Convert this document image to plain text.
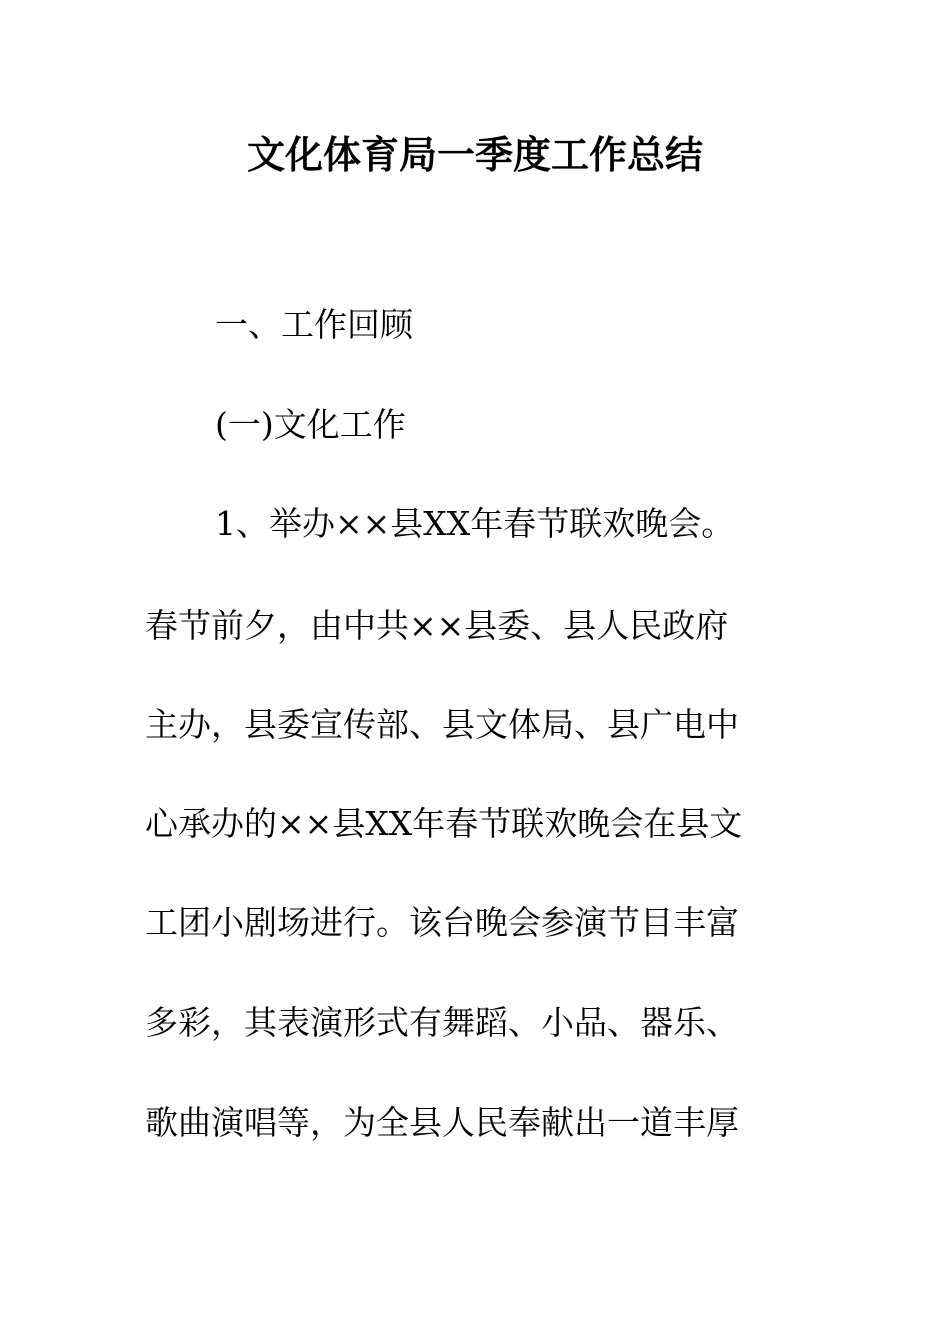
文化体育局一季度工作总结

一、工作回顾

(一)文化工作

1、举办××县XX年春节联欢晚会。

春节前夕，由中共××县委、县人民政府

主办，县委宣传部、县文体局、县广电中

心承办的××县XX年春节联欢晚会在县文

工团小剧场进行。该台晚会参演节目丰富

多彩，其表演形式有舞蹈、小品、器乐、

歌曲演唱等，为全县人民奉献出一道丰厚
